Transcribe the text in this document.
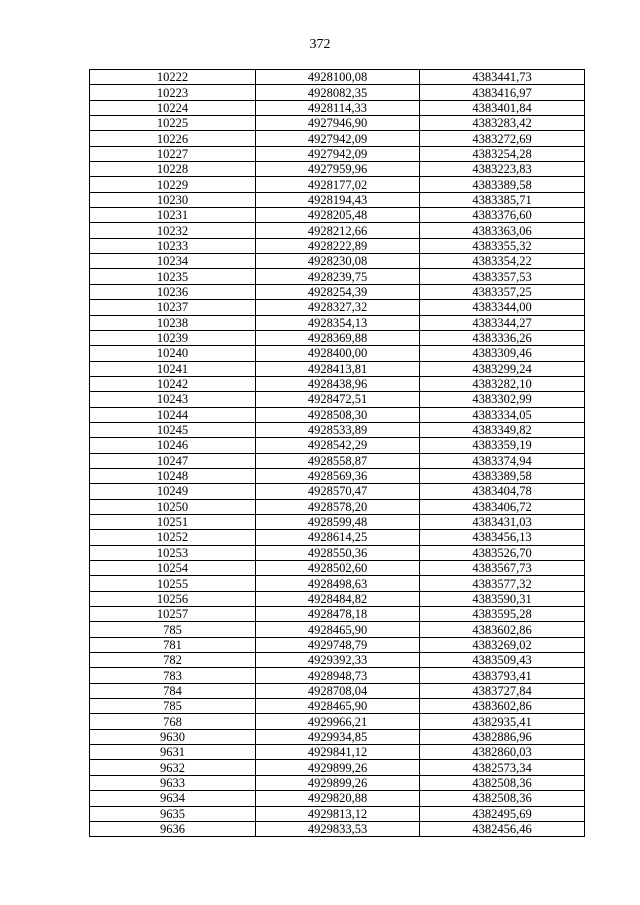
372
10222	4928100,08	4383441,73
10223	4928082,35	4383416,97
10224	4928114,33	4383401,84
10225	4927946,90	4383283,42
10226	4927942,09	4383272,69
10227	4927942,09	4383254,28
10228	4927959,96	4383223,83
10229	4928177,02	4383389,58
10230	4928194,43	4383385,71
10231	4928205,48	4383376,60
10232	4928212,66	4383363,06
10233	4928222,89	4383355,32
10234	4928230,08	4383354,22
10235	4928239,75	4383357,53
10236	4928254,39	4383357,25
10237	4928327,32	4383344,00
10238	4928354,13	4383344,27
10239	4928369,88	4383336,26
10240	4928400,00	4383309,46
10241	4928413,81	4383299,24
10242	4928438,96	4383282,10
10243	4928472,51	4383302,99
10244	4928508,30	4383334,05
10245	4928533,89	4383349,82
10246	4928542,29	4383359,19
10247	4928558,87	4383374,94
10248	4928569,36	4383389,58
10249	4928570,47	4383404,78
10250	4928578,20	4383406,72
10251	4928599,48	4383431,03
10252	4928614,25	4383456,13
10253	4928550,36	4383526,70
10254	4928502,60	4383567,73
10255	4928498,63	4383577,32
10256	4928484,82	4383590,31
10257	4928478,18	4383595,28
785	4928465,90	4383602,86
781	4929748,79	4383269,02
782	4929392,33	4383509,43
783	4928948,73	4383793,41
784	4928708,04	4383727,84
785	4928465,90	4383602,86
768	4929966,21	4382935,41
9630	4929934,85	4382886,96
9631	4929841,12	4382860,03
9632	4929899,26	4382573,34
9633	4929899,26	4382508,36
9634	4929820,88	4382508,36
9635	4929813,12	4382495,69
9636	4929833,53	4382456,46
